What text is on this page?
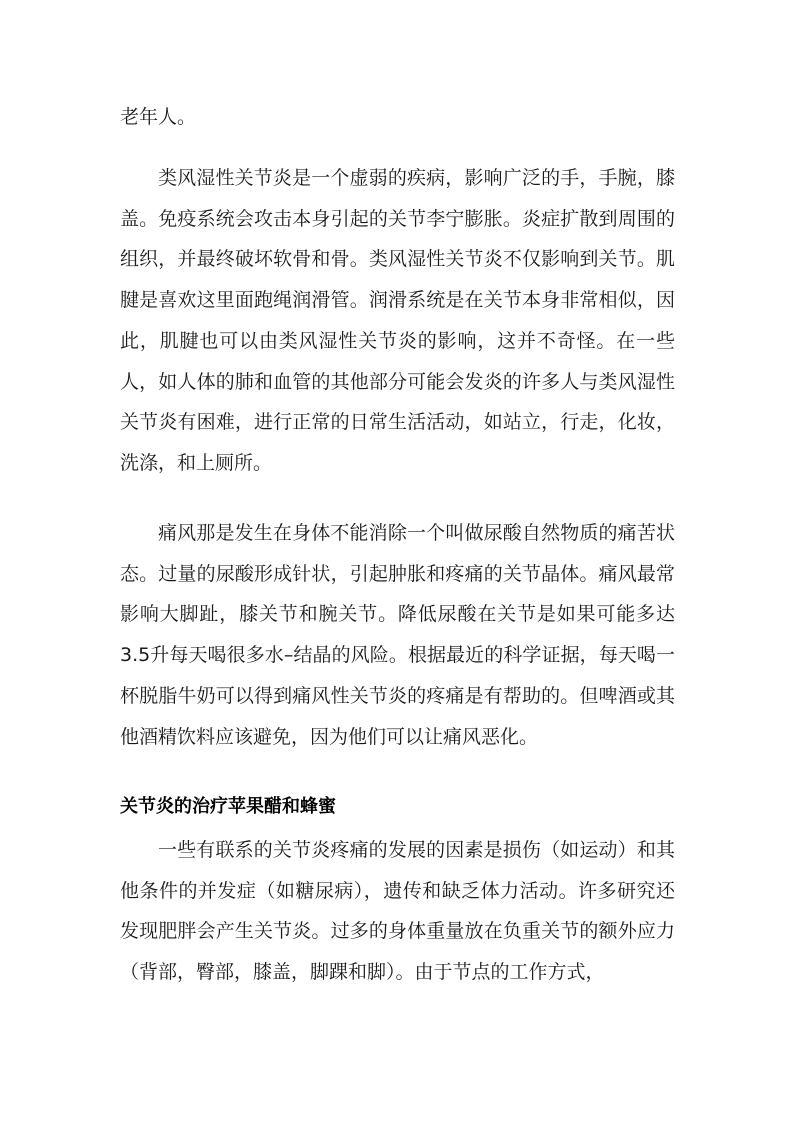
老年人。

类风湿性关节炎是一个虚弱的疾病，影响广泛的手，手腕，膝盖。免疫系统会攻击本身引起的关节李宁膨胀。炎症扩散到周围的组织，并最终破坏软骨和骨。类风湿性关节炎不仅影响到关节。肌腱是喜欢这里面跑绳润滑管。润滑系统是在关节本身非常相似，因此，肌腱也可以由类风湿性关节炎的影响，这并不奇怪。在一些人，如人体的肺和血管的其他部分可能会发炎的许多人与类风湿性关节炎有困难，进行正常的日常生活活动，如站立，行走，化妆，洗涤，和上厕所。

痛风那是发生在身体不能消除一个叫做尿酸自然物质的痛苦状态。过量的尿酸形成针状，引起肿胀和疼痛的关节晶体。痛风最常影响大脚趾，膝关节和腕关节。降低尿酸在关节是如果可能多达3.5升每天喝很多水–结晶的风险。根据最近的科学证据，每天喝一杯脱脂牛奶可以得到痛风性关节炎的疼痛是有帮助的。但啤酒或其他酒精饮料应该避免，因为他们可以让痛风恶化。

关节炎的治疗苹果醋和蜂蜜

一些有联系的关节炎疼痛的发展的因素是损伤（如运动）和其他条件的并发症（如糖尿病），遗传和缺乏体力活动。许多研究还发现肥胖会产生关节炎。过多的身体重量放在负重关节的额外应力（背部，臀部，膝盖，脚踝和脚）。由于节点的工作方式，
